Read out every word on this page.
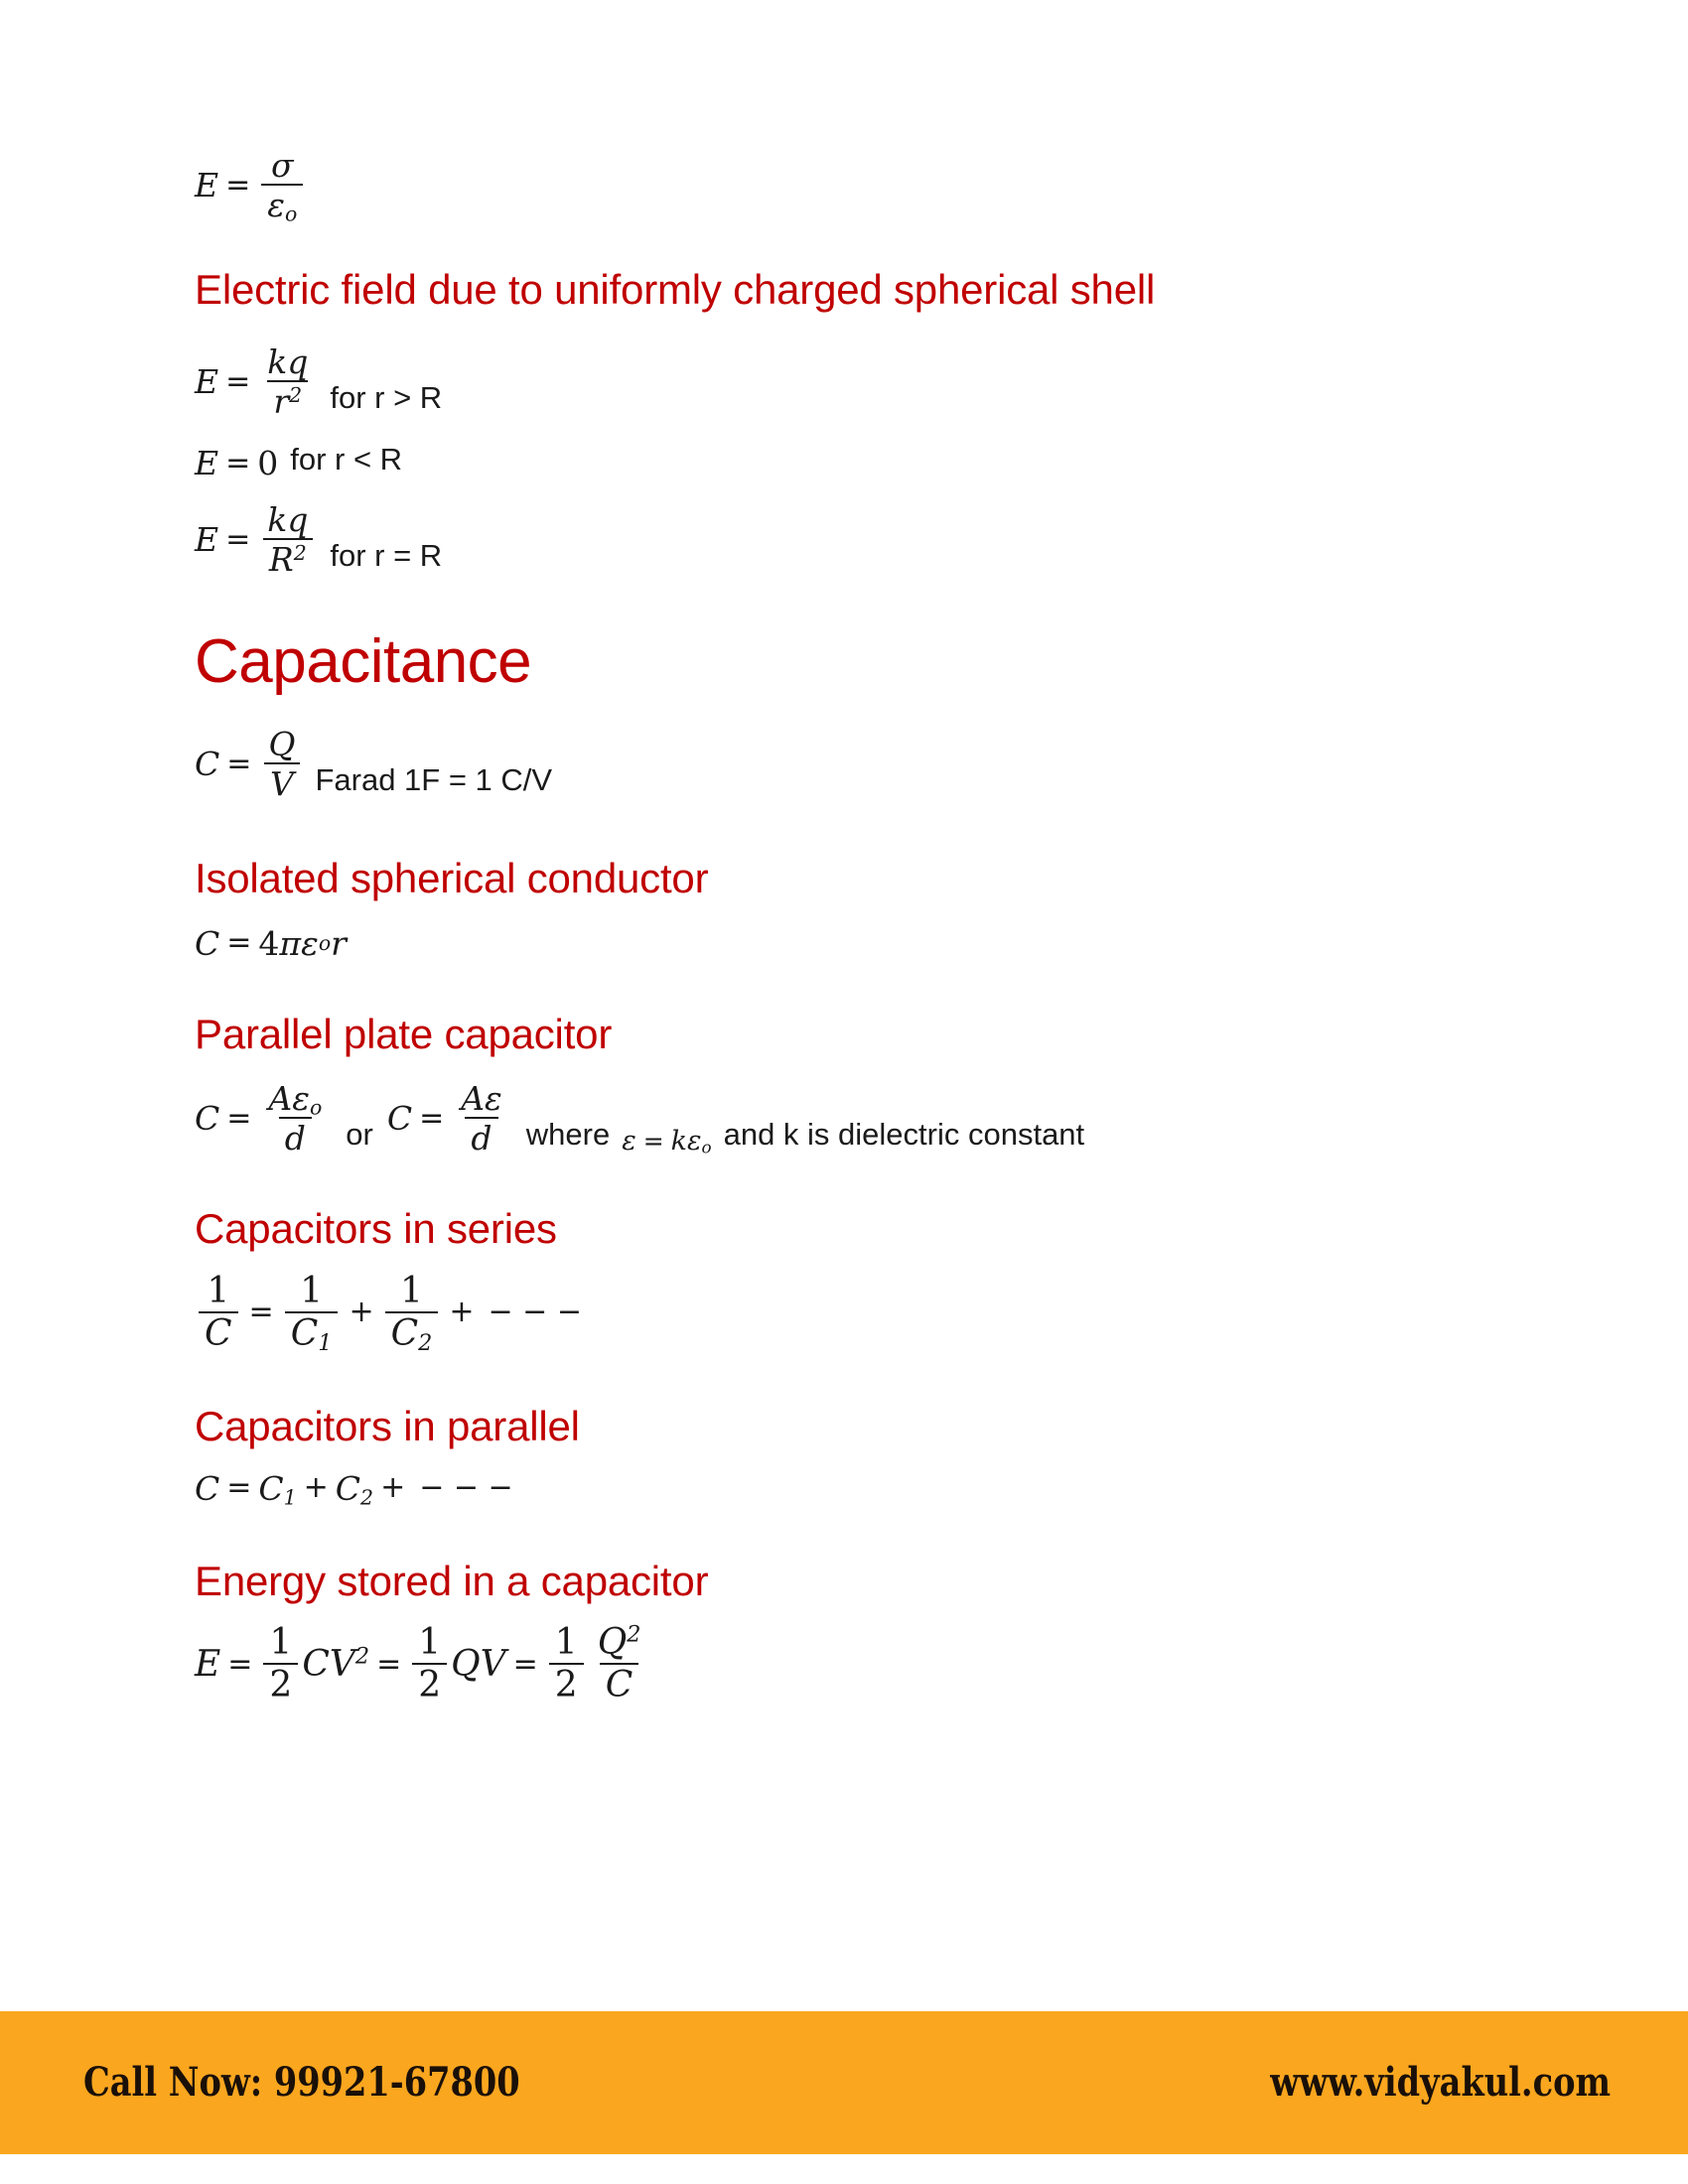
$E = \frac{\sigma}{\varepsilon_o}$
Electric field due to uniformly charged spherical shell
$E = \frac{kq}{r^2}$ for r > R
E = 0 for r < R
$E = \frac{kq}{R^2}$ for r = R
Capacitance
$C = \frac{Q}{V}$ Farad 1F = 1 C/V
Isolated spherical conductor
C = 4 π ε o r
Parallel plate capacitor
$C = \frac{A\varepsilon_o}{d}$ or $C = \frac{A\varepsilon}{d}$ where $\varepsilon = k\varepsilon_o$ and k is dielectric constant
Capacitors in series
$\frac{1}{C} = \frac{1}{C_1} + \frac{1}{C_2}$ + − − −
Capacitors in parallel
$C = C_1 + C_2$ + − − −
Energy stored in a capacitor
$E = \frac{1}{2} CV^2 = \frac{1}{2}$ QV = $\frac{1}{2} \frac{Q^2}{C}$
Call Now: 99921-67800	www.vidyakul.com
